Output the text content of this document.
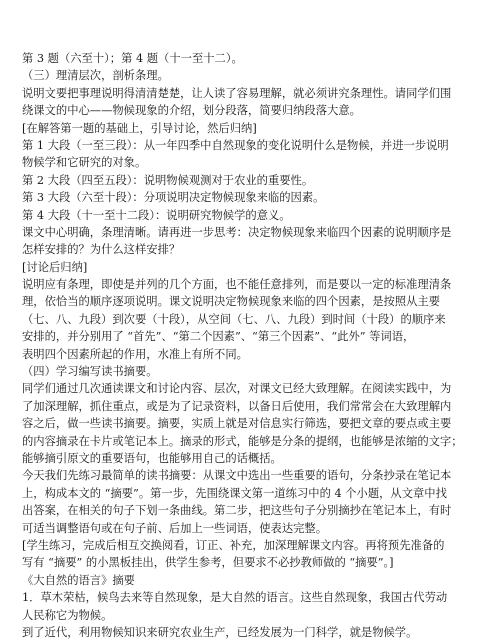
第 3 题（六至十）；第 4 题（十一至十二）。
（三）理清层次，剖析条理。
说明文要把事理说明得清清楚楚，让人读了容易理解，就必须讲究条理性。请同学们围
绕课文的中心——物候现象的介绍，划分段落，简要归纳段落大意。
[在解答第一题的基础上，引导讨论，然后归纳]
第 1 大段（一至三段）：从一年四季中自然现象的变化说明什么是物候，并进一步说明
物候学和它研究的对象。
第 2 大段（四至五段）：说明物候观测对于农业的重要性。
第 3 大段（六至十段）：分项说明决定物候现象来临的因素。
第 4 大段（十一至十二段）：说明研究物候学的意义。
课文中心明确，条理清晰。请再进一步思考：决定物候现象来临四个因素的说明顺序是
怎样安排的？为什么这样安排？
[讨论后归纳]
说明应有条理，即使是并列的几个方面，也不能任意排列，而是要以一定的标准理清条
理，依恰当的顺序逐项说明。课文说明决定物候现象来临的四个因素，是按照从主要
（七、八、九段）到次要（十段），从空间（七、八、九段）到时间（十段）的顺序来
安排的，并分别用了 “首先”、“第二个因素”、“第三个因素”、“此外” 等词语，
表明四个因素所起的作用，水准上有所不同。
（四）学习编写读书摘要。
同学们通过几次通读课文和讨论内容、层次，对课文已经大致理解。在阅读实践中，为
了加深理解，抓住重点，或是为了记录资料，以备日后使用，我们常常会在大致理解内
容之后，做一些读书摘要。摘要，实质上就是对信息实行筛选，要把文章的要点或主要
的内容摘录在卡片或笔记本上。摘录的形式，能够是分条的提纲，也能够是浓缩的文字；
能够摘引原文的重要语句，也能够用自己的话概括。
今天我们先练习最简单的读书摘要：从课文中选出一些重要的语句，分条抄录在笔记本
上，构成本文的 “摘要”。第一步，先围绕课文第一道练习中的 4 个小题，从文章中找
出答案，在相关的句子下划一条曲线。第二步，把这些句子分别摘抄在笔记本上，有时
可适当调整语句或在句子前、后加上一些词语，使表达完整。
[学生练习，完成后相互交换阅看，订正、补充，加深理解课文内容。再将预先准备的
写有 “摘要” 的小黑板挂出，供学生参考，但要求不必抄教师做的 “摘要”。]
《大自然的语言》摘要
1．草木荣枯，候鸟去来等自然现象，是大自然的语言。这些自然现象，我国古代劳动
人民称它为物候。
到了近代，利用物候知识来研究农业生产，已经发展为一门科学，就是物候学。
